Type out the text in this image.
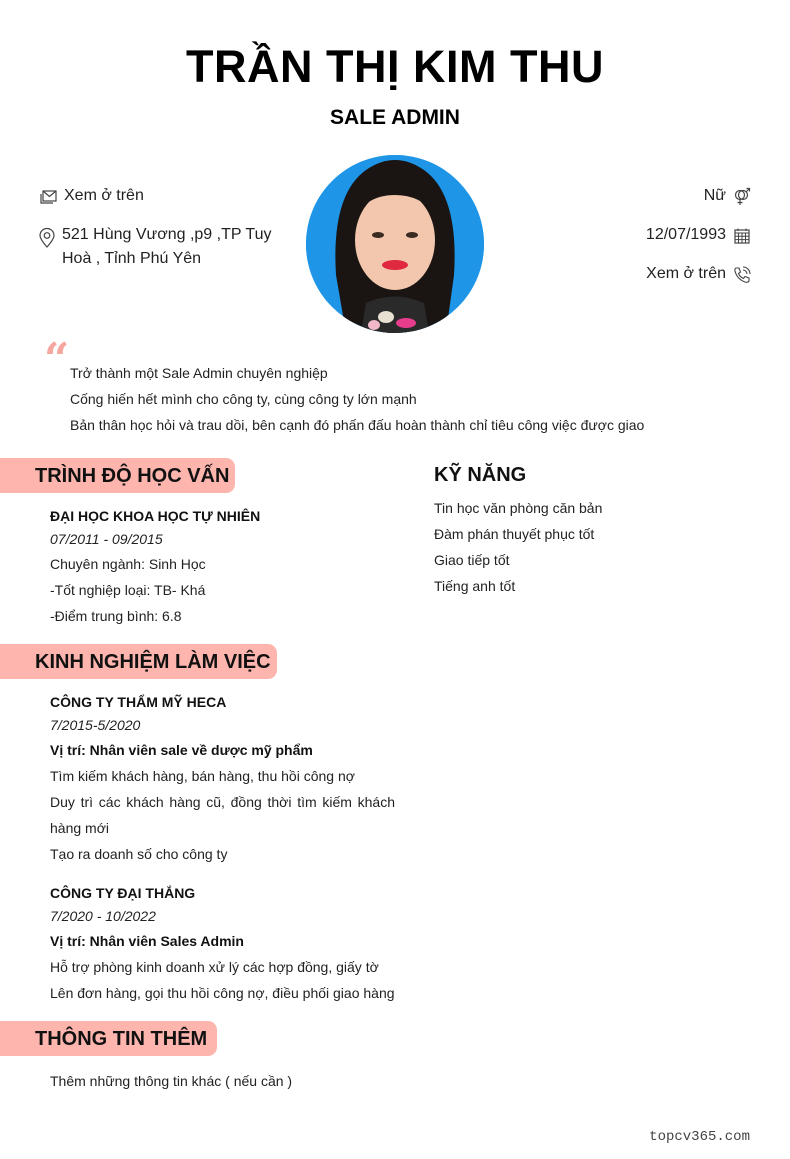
TRẦN THỊ KIM THU
SALE ADMIN
Xem ở trên
521 Hùng Vương ,p9 ,TP Tuy
Hoà , Tỉnh Phú Yên
Nữ
12/07/1993
Xem ở trên
“ Trở thành một Sale Admin chuyên nghiệp
Cống hiến hết mình cho công ty, cùng công ty lớn mạnh
Bản thân học hỏi và trau dồi, bên cạnh đó phấn đấu hoàn thành chỉ tiêu công việc được giao
TRÌNH ĐỘ HỌC VẤN
ĐẠI HỌC KHOA HỌC TỰ NHIÊN
07/2011 - 09/2015
Chuyên ngành: Sinh Học
-Tốt nghiệp loại: TB- Khá
-Điểm trung bình: 6.8
KỸ NĂNG
Tin học văn phòng căn bản
Đàm phán thuyết phục tốt
Giao tiếp tốt
Tiếng anh tốt
KINH NGHIỆM LÀM VIỆC
CÔNG TY THẨM MỸ HECA
7/2015-5/2020
Vị trí: Nhân viên sale về dược mỹ phẩm
Tìm kiếm khách hàng, bán hàng, thu hồi công nợ
Duy trì các khách hàng cũ, đồng thời tìm kiếm khách hàng mới
Tạo ra doanh số cho công ty
CÔNG TY ĐẠI THẮNG
7/2020 - 10/2022
Vị trí: Nhân viên Sales Admin
Hỗ trợ phòng kinh doanh xử lý các hợp đồng, giấy tờ
Lên đơn hàng, gọi thu hồi công nợ, điều phối giao hàng
THÔNG TIN THÊM
Thêm những thông tin khác ( nếu cần )
topcv365.com
